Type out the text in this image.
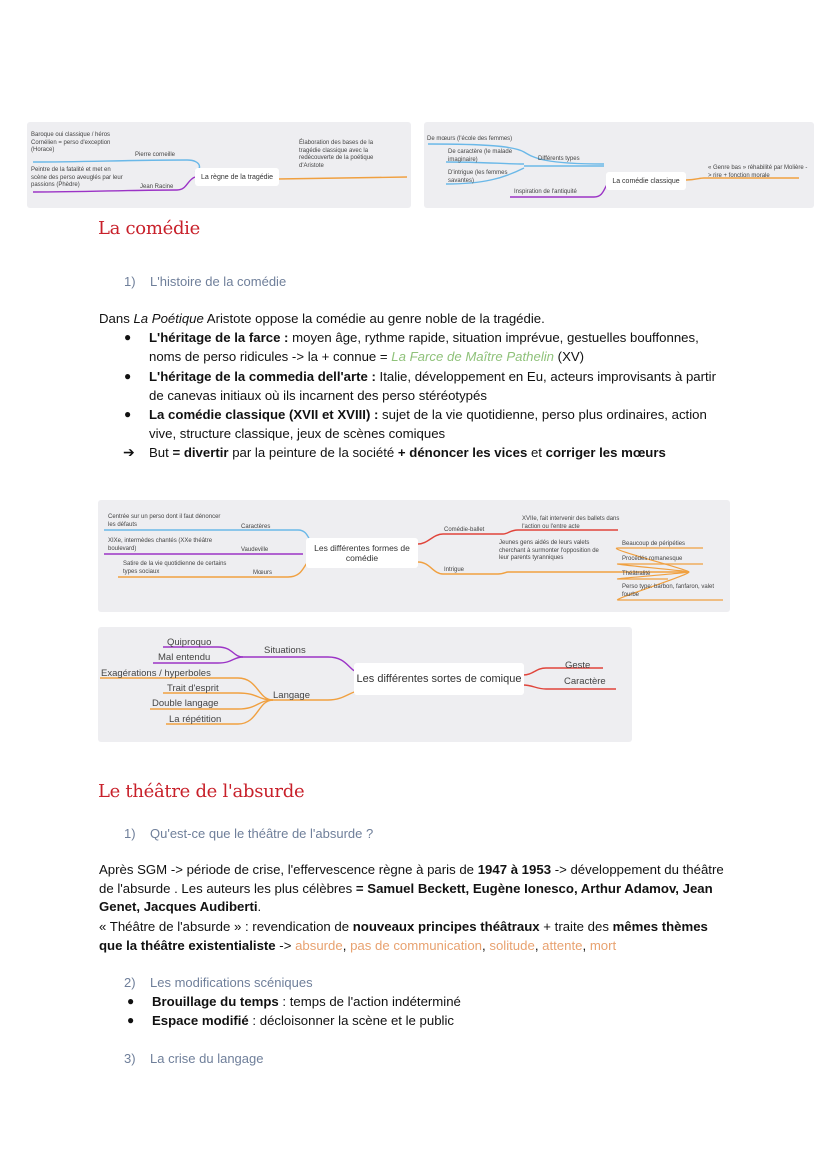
Baroque oui classique / héros Cornélien = perso d'exception (Horace)
Pierre corneille
Peintre de la fatalité et met en scène des perso aveuglés par leur passions (Phèdre)	Jean Racine
La règne de la tragédie
Élaboration des bases de la tragédie classique avec la redécouverte de la poétique d'Aristote
De mœurs (l'école des femmes)
De caractère (le malade imaginaire)
D'intrigue (les femmes savantes)
Différents types
Inspiration de l'antiquité
La comédie classique
« Genre bas » réhabilité par Molière -> rire + fonction morale
La comédie
1) L'histoire de la comédie
Dans La Poétique Aristote oppose la comédie au genre noble de la tragédie.
● L'héritage de la farce : moyen âge, rythme rapide, situation imprévue, gestuelles bouffonnes, noms de perso ridicules -> la + connue = La Farce de Maître Pathelin (XV)
● L'héritage de la commedia dell'arte : Italie, développement en Eu, acteurs improvisants à partir de canevas initiaux où ils incarnent des perso stéréotypés
● La comédie classique (XVII et XVIII) : sujet de la vie quotidienne, perso plus ordinaires, action vive, structure classique, jeux de scènes comiques
➔ But = divertir par la peinture de la société + dénoncer les vices et corriger les mœurs
Centrée sur un perso dont il faut dénoncer les défauts	Caractères
XIXe, intermèdes chantés (XXe théâtre boulevard)	Vaudeville
Satire de la vie quotidienne de certains types sociaux	Mœurs
Les différentes formes de comédie
Comédie-ballet
XVIIe, fait intervenir des ballets dans l'action ou l'entre acte
Intrigue
Jeunes gens aidés de leurs valets cherchant à surmonter l'opposition de leur parents tyranniques
Beaucoup de péripéties
Procédés romanesque
Théâtralité
Perso type: barbon, fanfaron, valet fourbe
Quiproquo
Mal entendu
Situations
Exagérations / hyperboles
Trait d'esprit
Langage
Double langage
La répétition
Les différentes sortes de comique
Geste
Caractère
Le théâtre de l'absurde
1) Qu'est-ce que le théâtre de l'absurde ?
Après SGM -> période de crise, l'effervescence règne à paris de 1947 à 1953 -> développement du théâtre de l'absurde . Les auteurs les plus célèbres = Samuel Beckett, Eugène Ionesco, Arthur Adamov, Jean Genet, Jacques Audiberti.
« Théâtre de l'absurde » : revendication de nouveaux principes théâtraux + traite des mêmes thèmes que la théâtre existentialiste -> absurde, pas de communication, solitude, attente, mort
2) Les modifications scéniques
● Brouillage du temps : temps de l'action indéterminé
● Espace modifié : décloisonner la scène et le public
3) La crise du langage
